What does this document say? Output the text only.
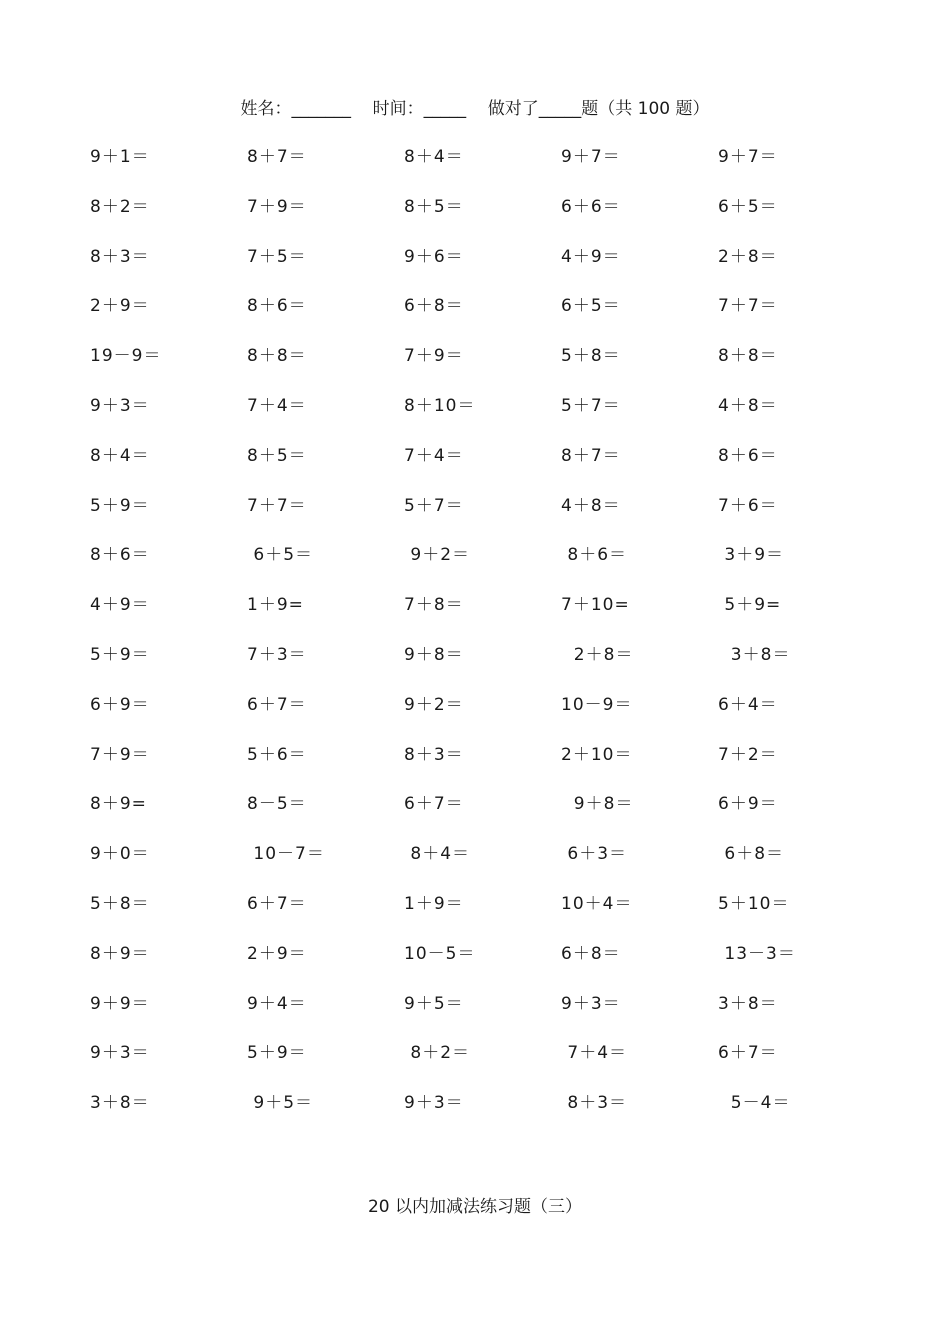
姓名：_______    时间：_____    做对了_____题（共 100 题）
9＋1＝	8＋7＝	8＋4＝	9＋7＝	9＋7＝
8＋2＝	7＋9＝	8＋5＝	6＋6＝	6＋5＝
8＋3＝	7＋5＝	9＋6＝	4＋9＝	2＋8＝
2＋9＝	8＋6＝	6＋8＝	6＋5＝	7＋7＝
19－9＝	8＋8＝	7＋9＝	5＋8＝	8＋8＝
9＋3＝	7＋4＝	8＋10＝	5＋7＝	4＋8＝
8＋4＝	8＋5＝	7＋4＝	8＋7＝	8＋6＝
5＋9＝	7＋7＝	5＋7＝	4＋8＝	7＋6＝
8＋6＝	6＋5＝	9＋2＝	8＋6＝	3＋9＝
4＋9＝	1＋9=	7＋8＝	7＋10=	5＋9=
5＋9＝	7＋3＝	9＋8＝	2＋8＝	3＋8＝
6＋9＝	6＋7＝	9＋2＝	10－9＝	6＋4＝
7＋9＝	5＋6＝	8＋3＝	2＋10＝	7＋2＝
8＋9=	8－5＝	6＋7＝	9＋8＝	6＋9＝
9＋0＝	10－7＝	8＋4＝	6＋3＝	6＋8＝
5＋8＝	6＋7＝	1＋9＝	10＋4＝	5＋10＝
8＋9＝	2＋9＝	10－5＝	6＋8＝	13－3＝
9＋9＝	9＋4＝	9＋5＝	9＋3＝	3＋8＝
9＋3＝	5＋9＝	8＋2＝	7＋4＝	6＋7＝
3＋8＝	9＋5＝	9＋3＝	8＋3＝	5－4＝
20 以内加减法练习题（三）
